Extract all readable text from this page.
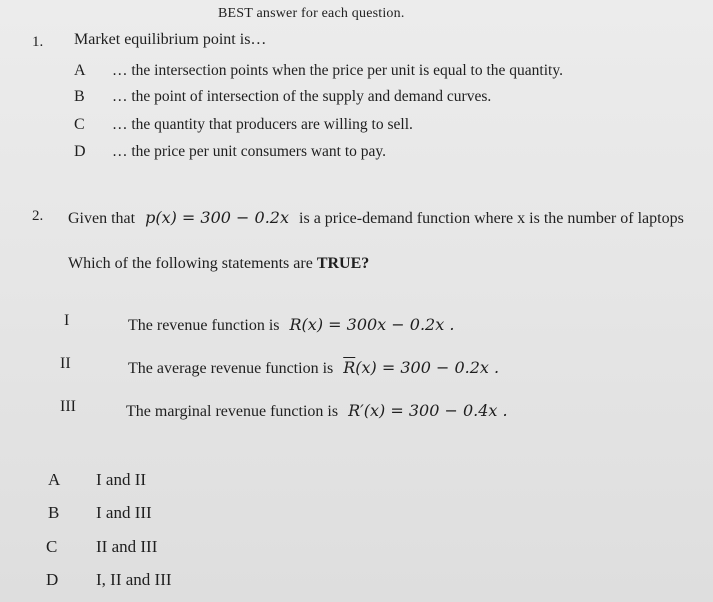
BEST answer for each question.
1. Market equilibrium point is…
A … the intersection points when the price per unit is equal to the quantity.
B … the point of intersection of the supply and demand curves.
C … the quantity that producers are willing to sell.
D … the price per unit consumers want to pay.
2. Given that p(x) = 300 − 0.2x is a price-demand function where x is the number of laptops
Which of the following statements are TRUE?
I	The revenue function is R(x) = 300x − 0.2x .
II	The average revenue function is $\overline{R}(x) = 300 - 0.2x$ .
III	The marginal revenue function is R′(x) = 300 − 0.4x .
A I and II
B I and III
C II and III
D I, II and III
